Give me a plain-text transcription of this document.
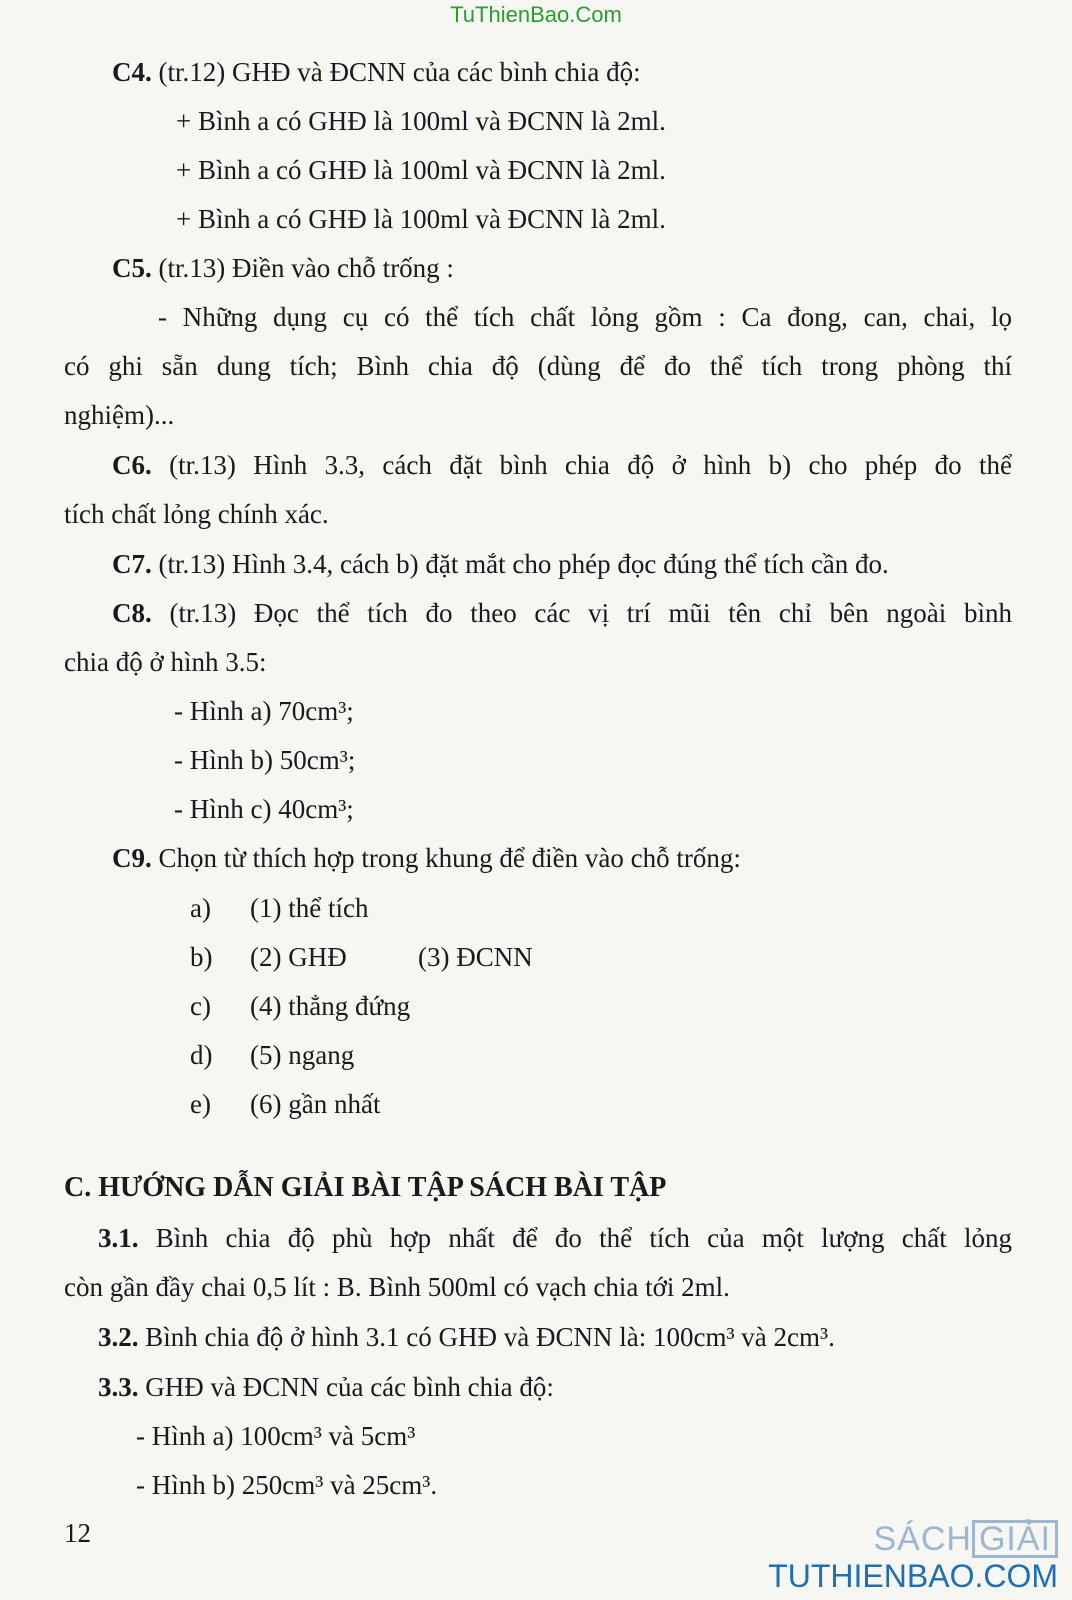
TuThienBao.Com
C4. (tr.12) GHĐ và ĐCNN của các bình chia độ:
+ Bình a có GHĐ là 100ml và ĐCNN là 2ml.
+ Bình a có GHĐ là 100ml và ĐCNN là 2ml.
+ Bình a có GHĐ là 100ml và ĐCNN là 2ml.
C5. (tr.13) Điền vào chỗ trống :
- Những dụng cụ có thể tích chất lỏng gồm : Ca đong, can, chai, lọ
có ghi sẵn dung tích; Bình chia độ (dùng để đo thể tích trong phòng thí
nghiệm)...
C6. (tr.13) Hình 3.3, cách đặt bình chia độ ở hình b) cho phép đo thể
tích chất lỏng chính xác.
C7. (tr.13) Hình 3.4, cách b) đặt mắt cho phép đọc đúng thể tích cần đo.
C8. (tr.13) Đọc thể tích đo theo các vị trí mũi tên chỉ bên ngoài bình
chia độ ở hình 3.5:
- Hình a) 70cm³;
- Hình b) 50cm³;
- Hình c) 40cm³;
C9. Chọn từ thích hợp trong khung để điền vào chỗ trống:
a) (1) thể tích
b) (2) GHĐ	(3) ĐCNN
c) (4) thẳng đứng
d) (5) ngang
e) (6) gần nhất
C. HƯỚNG DẪN GIẢI BÀI TẬP SÁCH BÀI TẬP
3.1. Bình chia độ phù hợp nhất để đo thể tích của một lượng chất lỏng
còn gần đầy chai 0,5 lít : B. Bình 500ml có vạch chia tới 2ml.
3.2. Bình chia độ ở hình 3.1 có GHĐ và ĐCNN là: 100cm³ và 2cm³.
3.3. GHĐ và ĐCNN của các bình chia độ:
- Hình a) 100cm³ và 5cm³
- Hình b) 250cm³ và 25cm³.
12	SÁCH GIẢI
TUTHIENBAO.COM
